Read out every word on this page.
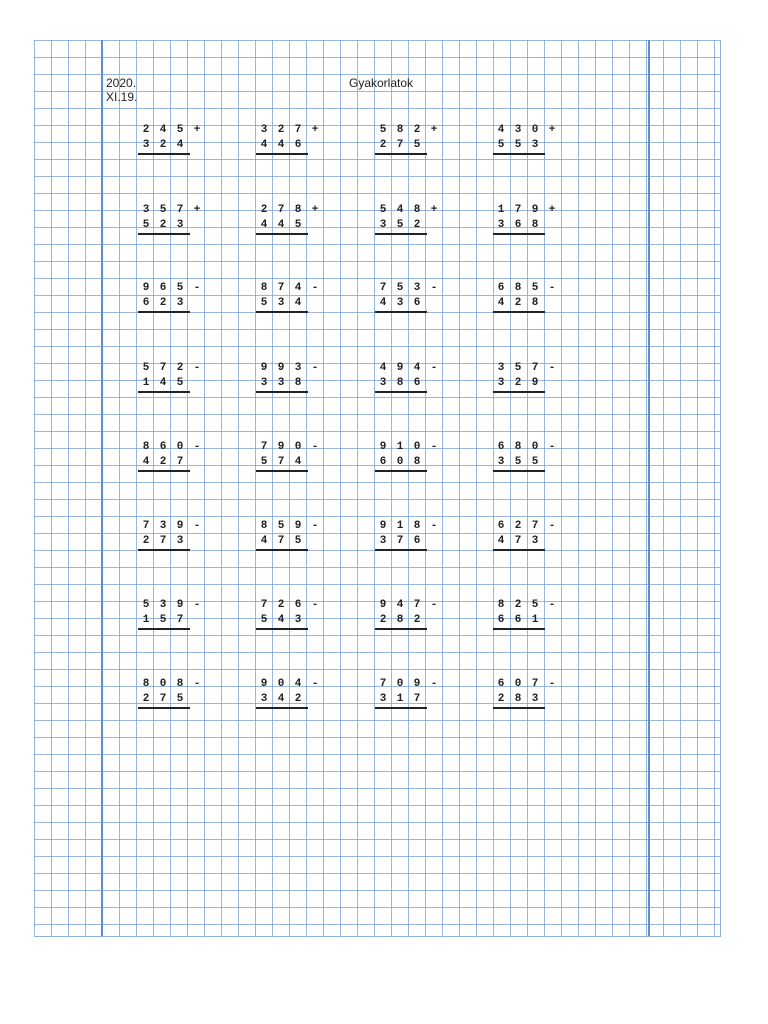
2020.
XI.19.
Gyakorlatok
2 4 5 +
3 2 4
3 2 7 +
4 4 6
5 8 2 +
2 7 5
4 3 0 +
5 5 3
3 5 7 +
5 2 3
2 7 8 +
4 4 5
5 4 8 +
3 5 2
1 7 9 +
3 6 8
9 6 5 -
6 2 3
8 7 4 -
5 3 4
7 5 3 -
4 3 6
6 8 5 -
4 2 8
5 7 2 -
1 4 5
9 9 3 -
3 3 8
4 9 4 -
3 8 6
3 5 7 -
3 2 9
8 6 0 -
4 2 7
7 9 0 -
5 7 4
9 1 0 -
6 0 8
6 8 0 -
3 5 5
7 3 9 -
2 7 3
8 5 9 -
4 7 5
9 1 8 -
3 7 6
6 2 7 -
4 7 3
5 3 9 -
1 5 7
7 2 6 -
5 4 3
9 4 7 -
2 8 2
8 2 5 -
6 6 1
8 0 8 -
2 7 5
9 0 4 -
3 4 2
7 0 9 -
3 1 7
6 0 7 -
2 8 3
